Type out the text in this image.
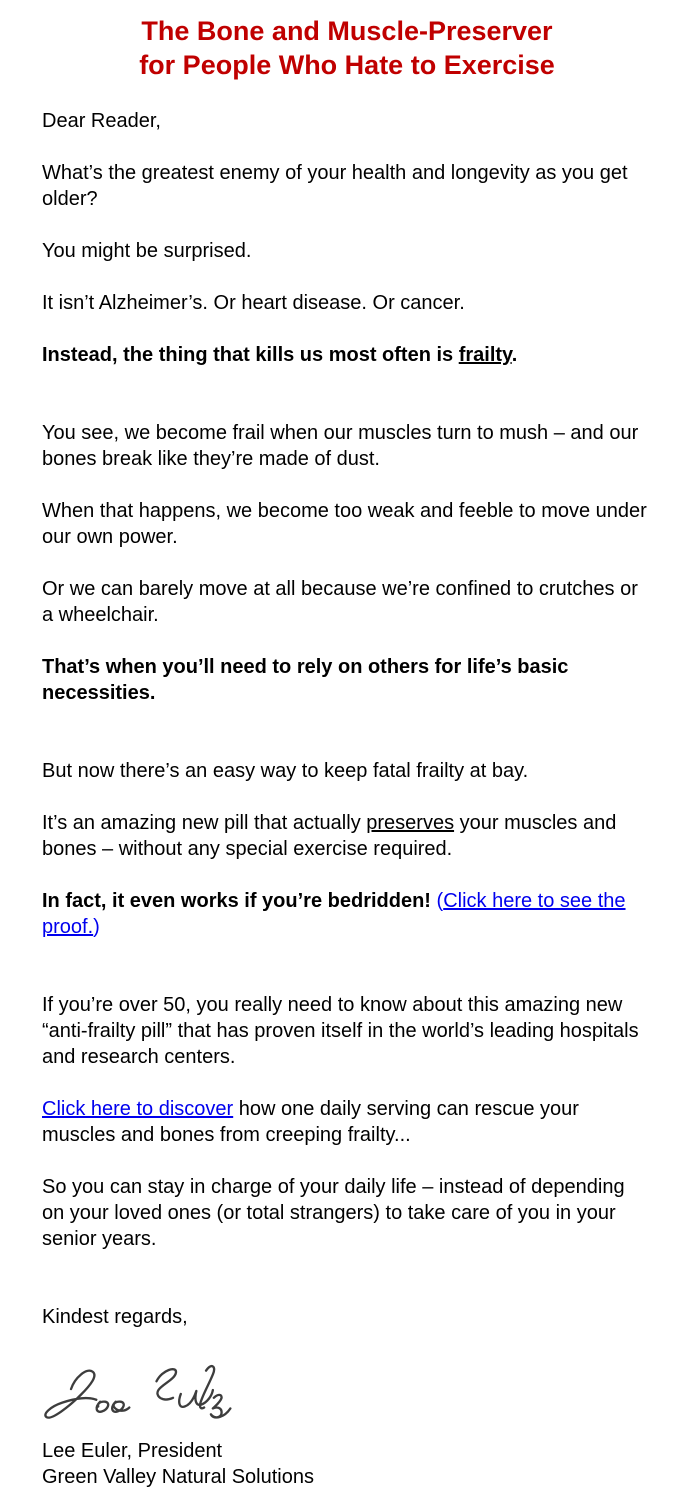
The Bone and Muscle-Preserver
for People Who Hate to Exercise

Dear Reader,

What’s the greatest enemy of your health and longevity as you get older?

You might be surprised.

It isn’t Alzheimer’s. Or heart disease. Or cancer.

Instead, the thing that kills us most often is frailty.

You see, we become frail when our muscles turn to mush – and our bones break like they’re made of dust.

When that happens, we become too weak and feeble to move under our own power.

Or we can barely move at all because we’re confined to crutches or a wheelchair.

That’s when you’ll need to rely on others for life’s basic necessities.

But now there’s an easy way to keep fatal frailty at bay.

It’s an amazing new pill that actually preserves your muscles and bones – without any special exercise required.

In fact, it even works if you’re bedridden! (Click here to see the proof.)

If you’re over 50, you really need to know about this amazing new “anti-frailty pill” that has proven itself in the world’s leading hospitals and research centers.

Click here to discover how one daily serving can rescue your muscles and bones from creeping frailty...

So you can stay in charge of your daily life – instead of depending on your loved ones (or total strangers) to take care of you in your senior years.

Kindest regards,

Lee Euler, President
Green Valley Natural Solutions
